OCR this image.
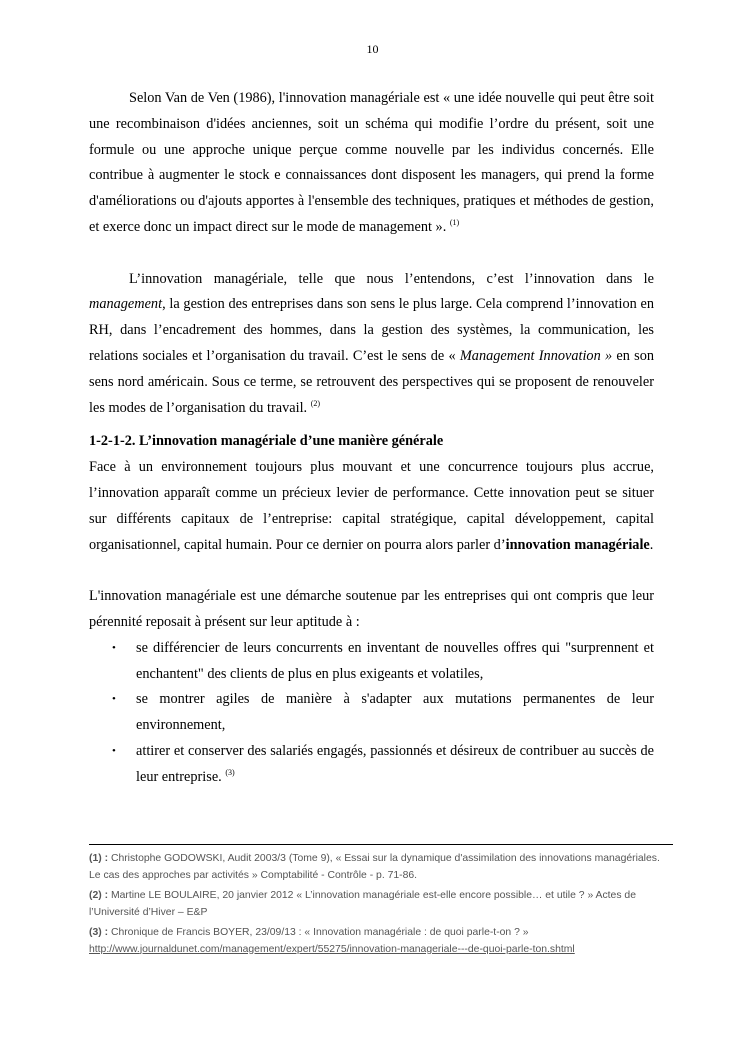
10

Selon Van de Ven (1986), l'innovation managériale est « une idée nouvelle qui peut être soit une recombinaison d'idées anciennes, soit un schéma qui modifie l’ordre du présent, soit une formule ou une approche unique perçue comme nouvelle par les individus concernés. Elle contribue à augmenter le stock e connaissances dont disposent les managers, qui prend la forme d'améliorations ou d'ajouts apportes à l'ensemble des techniques, pratiques et méthodes de gestion, et exerce donc un impact direct sur le mode de management ». $^{(1)}$

L’innovation managériale, telle que nous l’entendons, c’est l’innovation dans le management, la gestion des entreprises dans son sens le plus large. Cela comprend l’innovation en RH, dans l’encadrement des hommes, dans la gestion des systèmes, la communication, les relations sociales et l’organisation du travail. C’est le sens de « Management Innovation » en son sens nord américain. Sous ce terme, se retrouvent des perspectives qui se proposent de renouveler les modes de l’organisation du travail. $^{(2)}$

1-2-1-2. L’innovation managériale d’une manière générale

Face à un environnement toujours plus mouvant et une concurrence toujours plus accrue, l’innovation apparaît comme un précieux levier de performance. Cette innovation peut se situer sur différents capitaux de l’entreprise: capital stratégique, capital développement, capital organisationnel, capital humain. Pour ce dernier on pourra alors parler d’innovation managériale.

L'innovation managériale est une démarche soutenue par les entreprises qui ont compris que leur pérennité reposait à présent sur leur aptitude à :

• se différencier de leurs concurrents en inventant de nouvelles offres qui "surprennent et enchantent" des clients de plus en plus exigeants et volatiles,
• se montrer agiles de manière à s'adapter aux mutations permanentes de leur environnement,
• attirer et conserver des salariés engagés, passionnés et désireux de contribuer au succès de leur entreprise. $^{(3)}$

(1) : Christophe GODOWSKI, Audit 2003/3 (Tome 9), « Essai sur la dynamique d'assimilation des innovations managériales. Le cas des approches par activités » Comptabilité - Contrôle - p. 71-86.

(2) : Martine LE BOULAIRE, 20 janvier 2012 « L’innovation managériale est-elle encore possible… et utile ? » Actes de l’Université d’Hiver – E&P

(3) : Chronique de Francis BOYER, 23/09/13 : « Innovation managériale : de quoi parle-t-on ? »
http://www.journaldunet.com/management/expert/55275/innovation-manageriale---de-quoi-parle-ton.shtml
